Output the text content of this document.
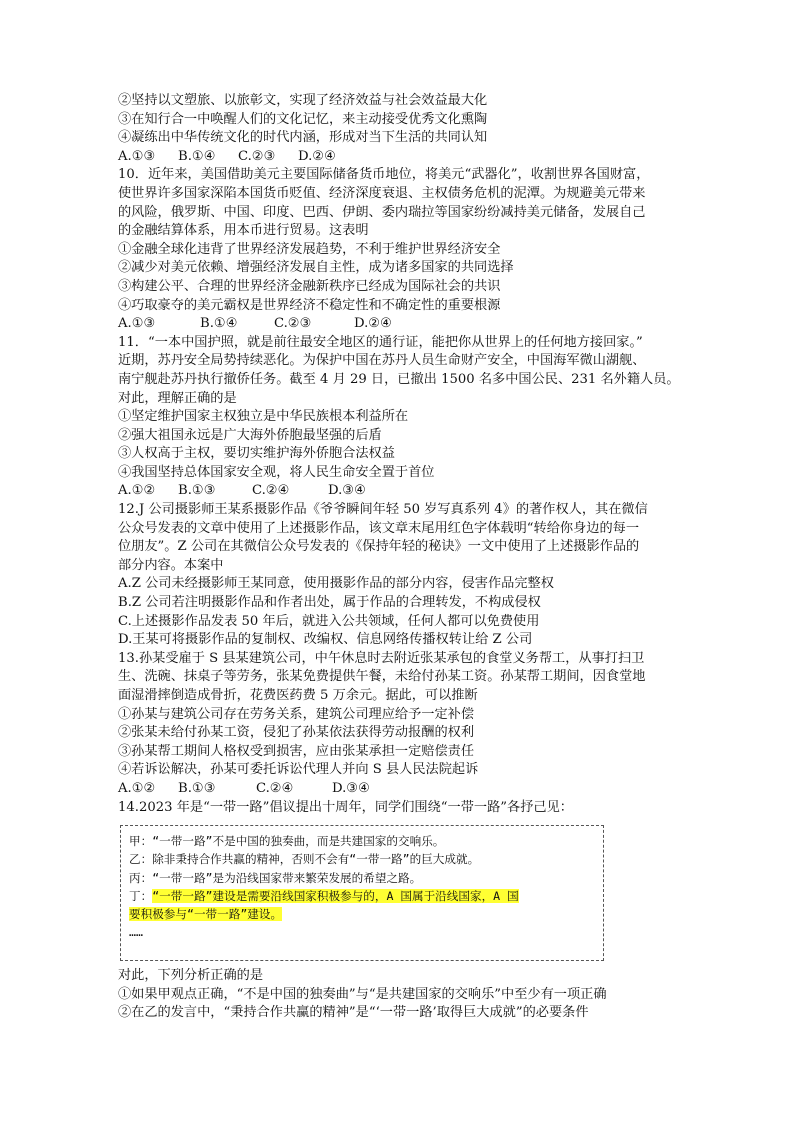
②坚持以文塑旅、以旅彰文，实现了经济效益与社会效益最大化
③在知行合一中唤醒人们的文化记忆，来主动接受优秀文化熏陶
④凝练出中华传统文化的时代内涵，形成对当下生活的共同认知
A.①③	B.①④	C.②③	D.②④
10．近年来，美国借助美元主要国际储备货币地位，将美元“武器化”，收割世界各国财富，
使世界许多国家深陷本国货币贬值、经济深度衰退、主权债务危机的泥潭。为规避美元带来
的风险，俄罗斯、中国、印度、巴西、伊朗、委内瑞拉等国家纷纷减持美元储备，发展自己
的金融结算体系，用本币进行贸易。这表明
①金融全球化违背了世界经济发展趋势，不利于维护世界经济安全
②减少对美元依赖、增强经济发展自主性，成为诸多国家的共同选择
③构建公平、合理的世界经济金融新秩序已经成为国际社会的共识
④巧取豪夺的美元霸权是世界经济不稳定性和不确定性的重要根源
A.①③	B.①④	C.②③	D.②④
11．“一本中国护照，就是前往最安全地区的通行证，能把你从世界上的任何地方接回家。”
近期，苏丹安全局势持续恶化。为保护中国在苏丹人员生命财产安全，中国海军微山湖舰、
南宁舰赴苏丹执行撤侨任务。截至 4 月 29 日，已撤出 1500 名多中国公民、231 名外籍人员。
对此，理解正确的是
①坚定维护国家主权独立是中华民族根本利益所在
②强大祖国永远是广大海外侨胞最坚强的后盾
③人权高于主权，要切实维护海外侨胞合法权益
④我国坚持总体国家安全观，将人民生命安全置于首位
A.①②	B.①③	C.②④	D.③④
12.J 公司摄影师王某系摄影作品《爷爷瞬间年轻 50 岁写真系列 4》的著作权人，其在微信
公众号发表的文章中使用了上述摄影作品，该文章末尾用红色字体载明“转给你身边的每一
位朋友”。Z 公司在其微信公众号发表的《保持年轻的秘诀》一文中使用了上述摄影作品的
部分内容。本案中
A.Z 公司未经摄影师王某同意，使用摄影作品的部分内容，侵害作品完整权
B.Z 公司若注明摄影作品和作者出处，属于作品的合理转发，不构成侵权
C.上述摄影作品发表 50 年后，就进入公共领域，任何人都可以免费使用
D.王某可将摄影作品的复制权、改编权、信息网络传播权转让给 Z 公司
13.孙某受雇于 S 县某建筑公司，中午休息时去附近张某承包的食堂义务帮工，从事打扫卫
生、洗碗、抹桌子等劳务，张某免费提供午餐，未给付孙某工资。孙某帮工期间，因食堂地
面湿滑摔倒造成骨折，花费医药费 5 万余元。据此，可以推断
①孙某与建筑公司存在劳务关系，建筑公司理应给予一定补偿
②张某未给付孙某工资，侵犯了孙某依法获得劳动报酬的权利
③孙某帮工期间人格权受到损害，应由张某承担一定赔偿责任
④若诉讼解决，孙某可委托诉讼代理人并向 S 县人民法院起诉
A.①②	B.①③	C.②④	D.③④
14.2023 年是“一带一路”倡议提出十周年，同学们围绕“一带一路”各抒己见：
甲：“一带一路”不是中国的独奏曲，而是共建国家的交响乐。
乙：除非秉持合作共赢的精神，否则不会有“一带一路”的巨大成就。
丙：“一带一路”是为沿线国家带来繁荣发展的希望之路。
丁：“一带一路”建设是需要沿线国家积极参与的，A 国属于沿线国家，A 国
要积极参与“一带一路”建设。
……
对此，下列分析正确的是
①如果甲观点正确，“不是中国的独奏曲”与“是共建国家的交响乐”中至少有一项正确
②在乙的发言中，“秉持合作共赢的精神”是“‘一带一路’取得巨大成就”的必要条件
